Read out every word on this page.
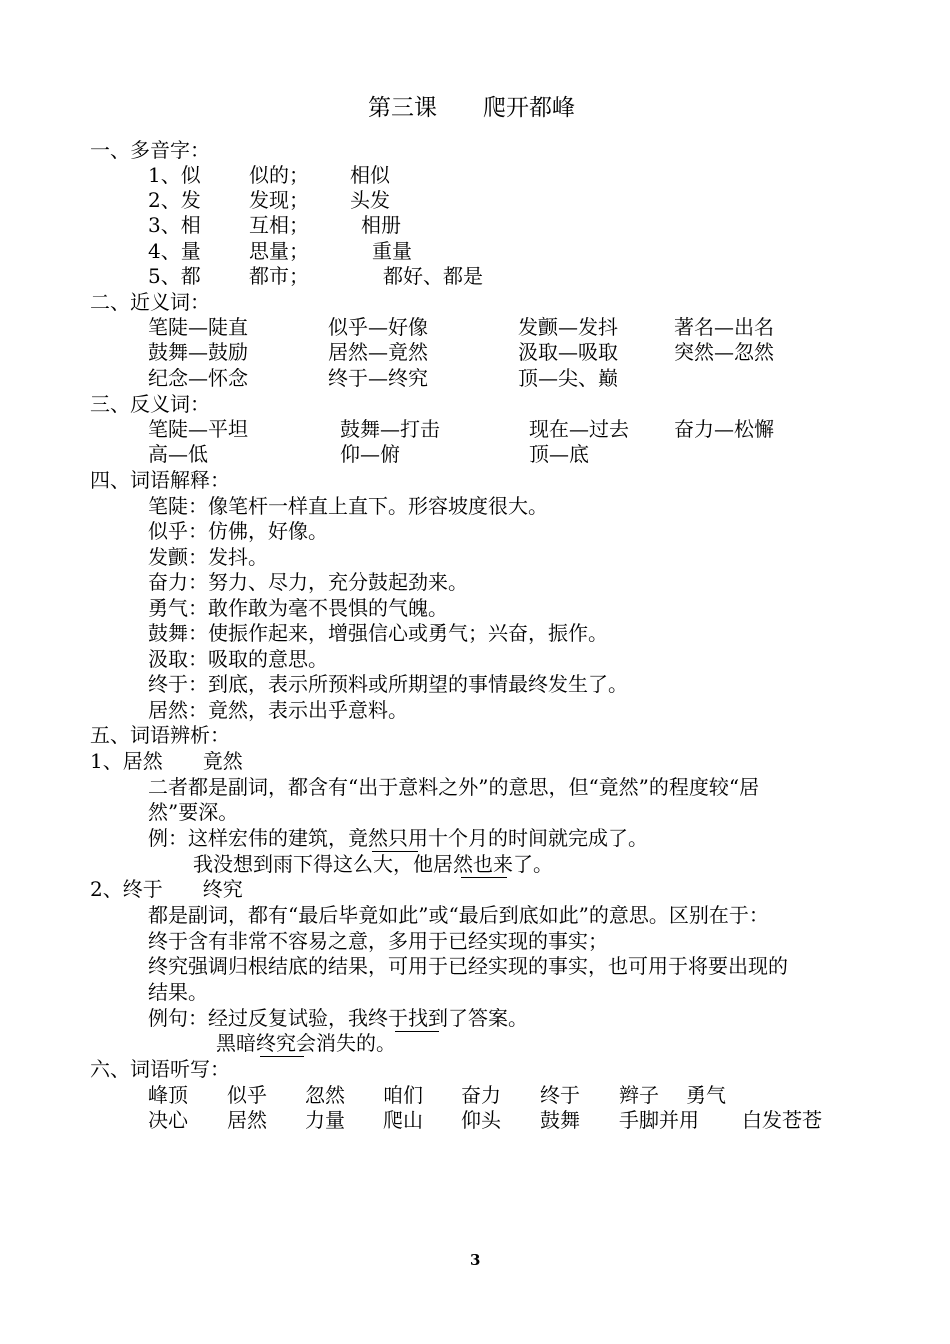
第三课　　爬开都峰
一、多音字：
1、似 似的； 相似
2、发 发现； 头发
3、相 互相；	相册
4、量 思量；	重量
5、都 都市；	都好、都是
二、近义词：
笔陡—陡直	似乎—好像	发颤—发抖	著名—出名
鼓舞—鼓励	居然—竟然	汲取—吸取	突然—忽然
纪念—怀念	终于—终究	顶—尖、巅
三、反义词：
笔陡—平坦	鼓舞—打击	现在—过去 奋力—松懈
高—低	仰—俯	顶—底
四、词语解释：
笔陡：像笔杆一样直上直下。形容坡度很大。
似乎：仿佛，好像。
发颤：发抖。
奋力：努力、尽力，充分鼓起劲来。
勇气：敢作敢为毫不畏惧的气魄。
鼓舞：使振作起来，增强信心或勇气；兴奋，振作。
汲取：吸取的意思。
终于：到底，表示所预料或所期望的事情最终发生了。
居然：竟然，表示出乎意料。
五、词语辨析：
1、居然　　竟然
二者都是副词，都含有“出于意料之外”的意思，但“竟然”的程度较“居
然”要深。
例：这样宏伟的建筑，竟然只用十个月的时间就完成了。
我没想到雨下得这么大，他居然也来了。
2、终于　　终究
都是副词，都有“最后毕竟如此”或“最后到底如此”的意思。区别在于：
终于含有非常不容易之意，多用于已经实现的事实；
终究强调归根结底的结果，可用于已经实现的事实，也可用于将要出现的
结果。
例句：经过反复试验，我终于找到了答案。
黑暗终究会消失的。
六、词语听写：
峰顶 似乎 忽然 咱们 奋力 终于 辫子 勇气
决心 居然 力量 爬山 仰头 鼓舞 手脚并用 白发苍苍
3
